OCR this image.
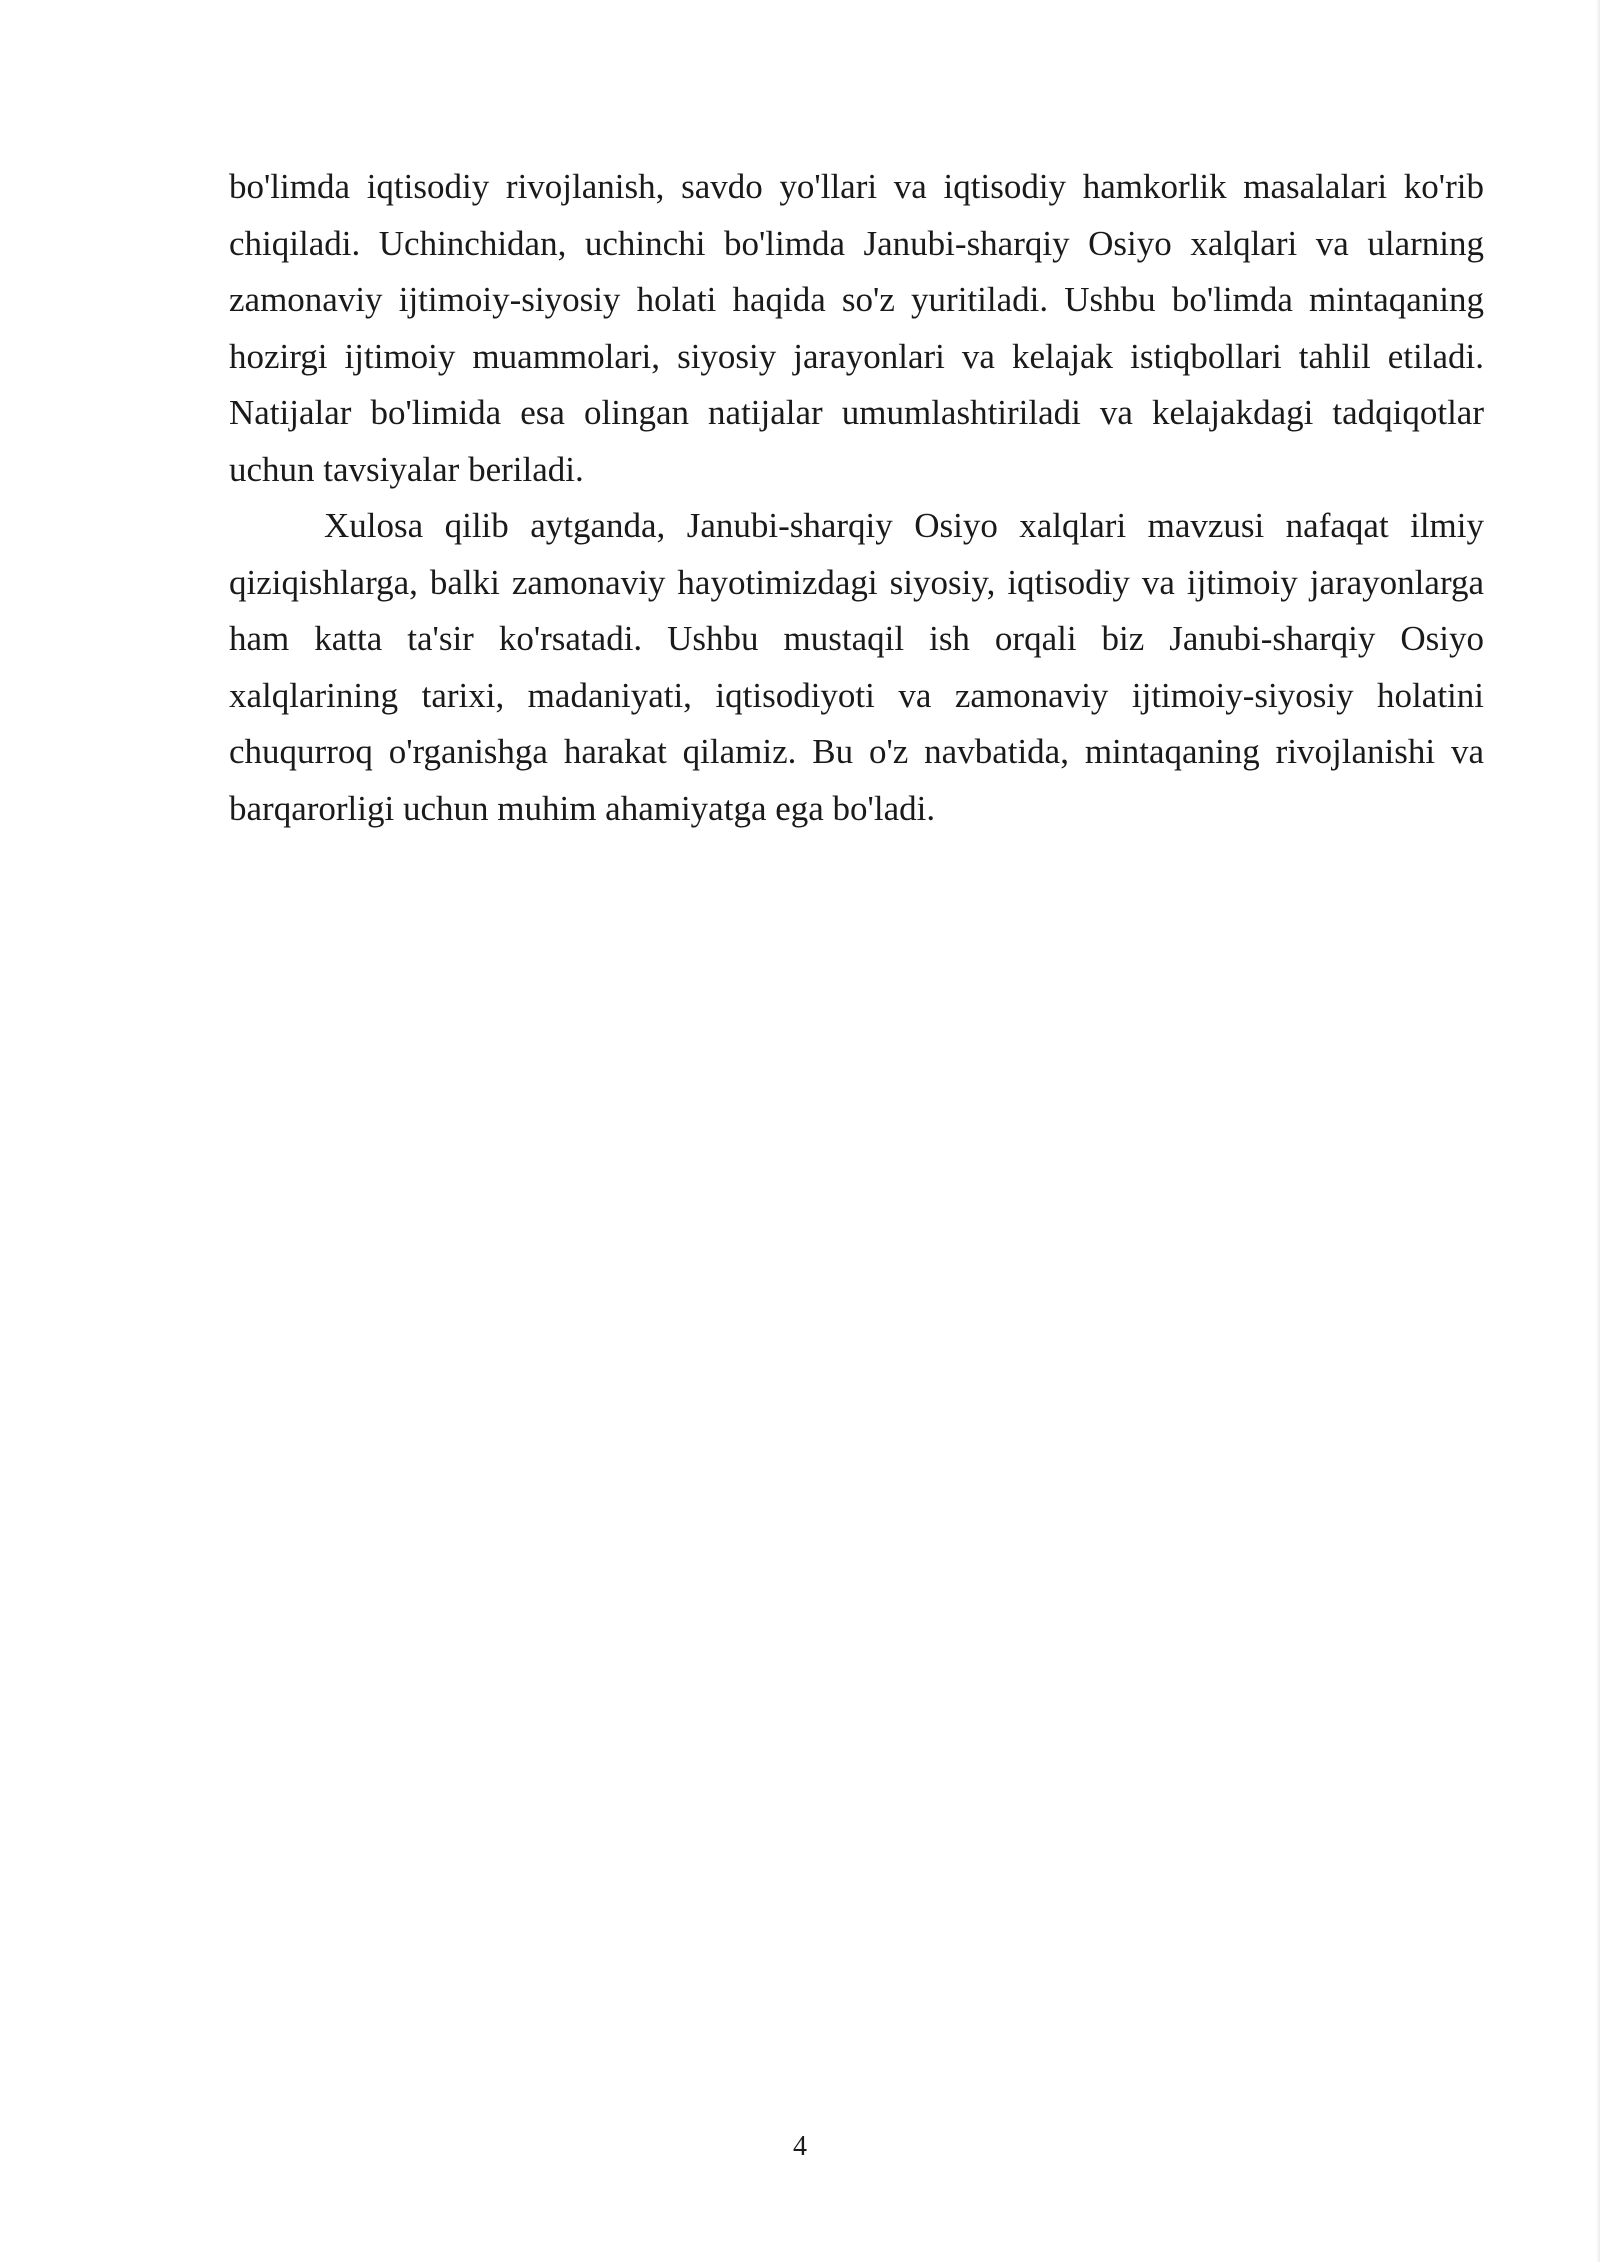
bo'limda iqtisodiy rivojlanish, savdo yo'llari va iqtisodiy hamkorlik masalalari ko'rib chiqiladi. Uchinchidan, uchinchi bo'limda Janubi-sharqiy Osiyo xalqlari va ularning zamonaviy ijtimoiy-siyosiy holati haqida so'z yuritiladi. Ushbu bo'limda mintaqaning hozirgi ijtimoiy muammolari, siyosiy jarayonlari va kelajak istiqbollari tahlil etiladi. Natijalar bo'limida esa olingan natijalar umumlashtiriladi va kelajakdagi tadqiqotlar uchun tavsiyalar beriladi.

Xulosa qilib aytganda, Janubi-sharqiy Osiyo xalqlari mavzusi nafaqat ilmiy qiziqishlarga, balki zamonaviy hayotimizdagi siyosiy, iqtisodiy va ijtimoiy jarayonlarga ham katta ta'sir ko'rsatadi. Ushbu mustaqil ish orqali biz Janubi-sharqiy Osiyo xalqlarining tarixi, madaniyati, iqtisodiyoti va zamonaviy ijtimoiy-siyosiy holatini chuqurroq o'rganishga harakat qilamiz. Bu o'z navbatida, mintaqaning rivojlanishi va barqarorligi uchun muhim ahamiyatga ega bo'ladi.

4
